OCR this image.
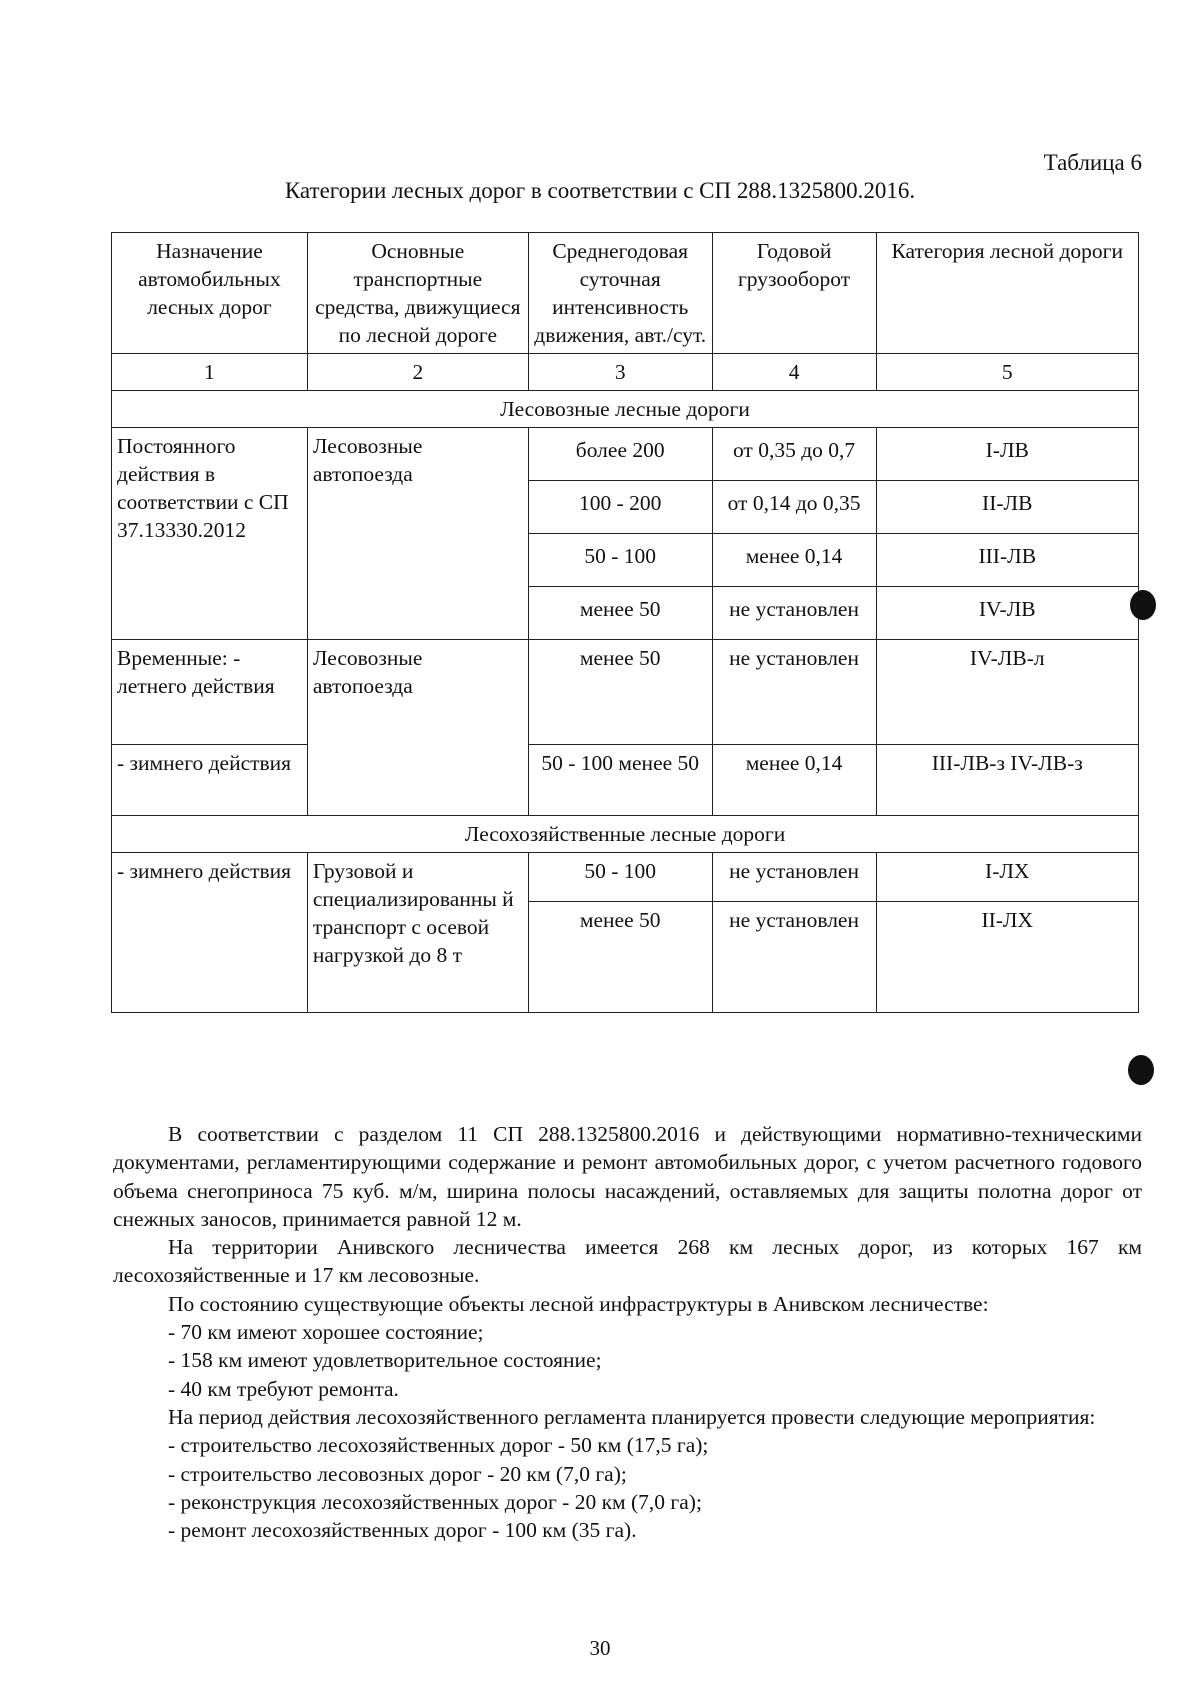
Таблица 6
Категории лесных дорог в соответствии с СП 288.1325800.2016.
Назначение автомобильных лесных дорог	Основные транспортные средства, движущиеся по лесной дороге	Среднегодовая суточная интенсивность движения, авт./сут.	Годовой грузооборот	Категория лесной дороги
1	2	3	4	5
Лесовозные лесные дороги				
Постоянного действия в соответствии с СП 37.13330.2012	Лесовозные автопоезда	более 200	от 0,35 до 0,7	I-ЛВ
		100 - 200	от 0,14 до 0,35	II-ЛВ
		50 - 100	менее 0,14	III-ЛВ
		менее 50	не установлен	IV-ЛВ
Временные: - летнего действия	Лесовозные автопоезда	менее 50	не установлен	IV-ЛВ-л
- зимнего действия		50 - 100 менее 50	менее 0,14	III-ЛВ-з IV-ЛВ-з
Лесохозяйственные лесные дороги				
- зимнего действия	Грузовой и специализированны й транспорт с осевой нагрузкой до 8 т	50 - 100	не установлен	I-ЛХ
		менее 50	не установлен	II-ЛХ

В соответствии с разделом 11 СП 288.1325800.2016 и действующими нормативно-техническими документами, регламентирующими содержание и ремонт автомобильных дорог, с учетом расчетного годового объема снегоприноса 75 куб. м/м, ширина полосы насаждений, оставляемых для защиты полотна дорог от снежных заносов, принимается равной 12 м.

На территории Анивского лесничества имеется 268 км лесных дорог, из которых 167 км лесохозяйственные и 17 км лесовозные.

По состоянию существующие объекты лесной инфраструктуры в Анивском лесничестве:

- 70 км имеют хорошее состояние;

- 158 км имеют удовлетворительное состояние;

- 40 км требуют ремонта.

На период действия лесохозяйственного регламента планируется провести следующие мероприятия:

- строительство лесохозяйственных дорог - 50 км (17,5 га);

- строительство лесовозных дорог - 20 км (7,0 га);

- реконструкция лесохозяйственных дорог - 20 км (7,0 га);

- ремонт лесохозяйственных дорог - 100 км (35 га).

30
